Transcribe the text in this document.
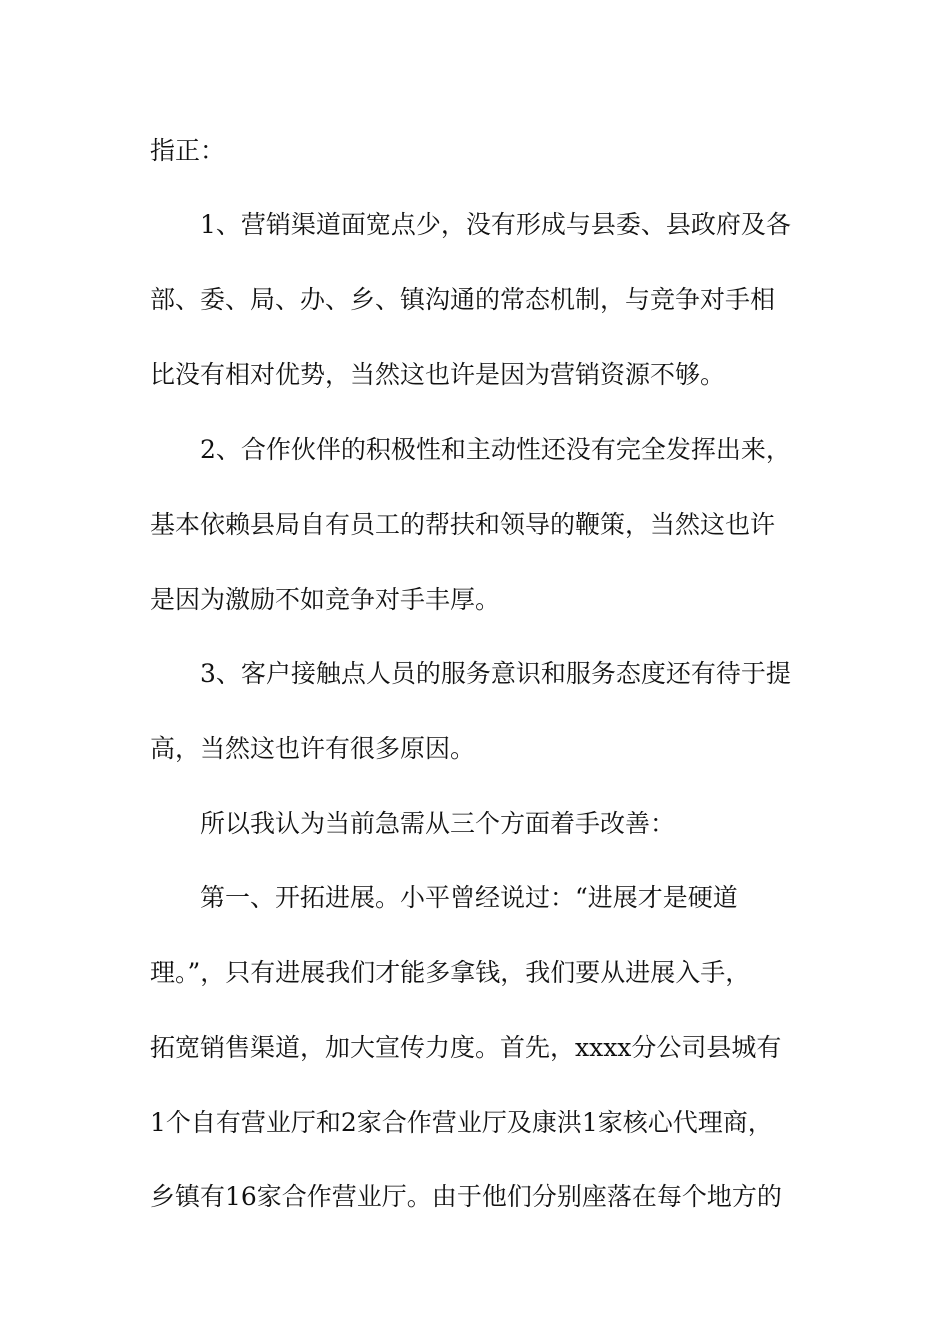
指正：
1、营销渠道面宽点少，没有形成与县委、县政府及各
部、委、局、办、乡、镇沟通的常态机制，与竞争对手相
比没有相对优势，当然这也许是因为营销资源不够。
2、合作伙伴的积极性和主动性还没有完全发挥出来，
基本依赖县局自有员工的帮扶和领导的鞭策，当然这也许
是因为激励不如竞争对手丰厚。
3、客户接触点人员的服务意识和服务态度还有待于提
高，当然这也许有很多原因。
所以我认为当前急需从三个方面着手改善：
第一、开拓进展。小平曾经说过：“进展才是硬道
理。”，只有进展我们才能多拿钱，我们要从进展入手，
拓宽销售渠道，加大宣传力度。首先，xxxx分公司县城有
1个自有营业厅和2家合作营业厅及康洪1家核心代理商，
乡镇有16家合作营业厅。由于他们分别座落在每个地方的
